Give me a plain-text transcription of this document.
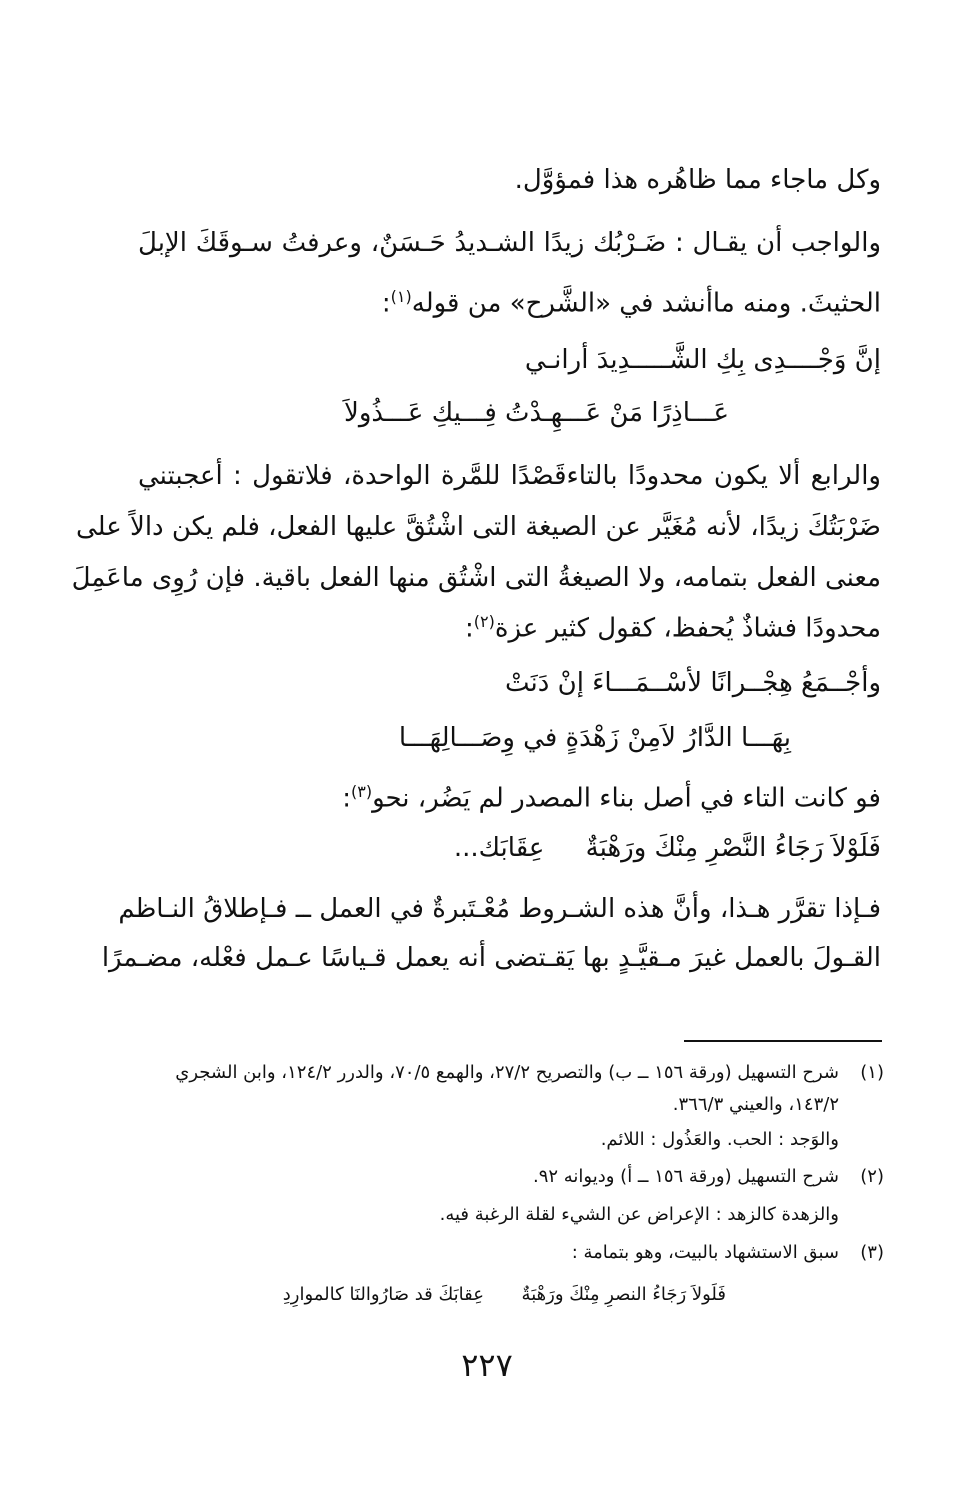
وكل ماجاء مما ظاهُره هذا فمؤوَّل.
والواجب أن يقـال : ضَـرْبُك زيدًا الشـديدُ حَـسَنٌ، وعرفتُ سـوقَكَ الإبلَ
الحثيثَ. ومنه ماأنشد في «الشَّرح» من قوله$^{(١)}$:
إنَّ وَجْــــدِى بِكِ الشَّـــــدِيدَ أرانـي
عَـــاذِرًا مَنْ عَـــهِـدْتُ فِـــيكِ عَـــذُولاَ
والرابع ألا يكون محدودًا بالتاءقَصْدًا للمَّرة الواحدة، فلاتقول : أعجبتني
ضَرْبَتُكَ زيدًا، لأنه مُغَيَّر عن الصيغة التى اشْتُقَّ عليها الفعل، فلم يكن دالاً على
معنى الفعل بتمامه، ولا الصيغةُ التى اشْتُق منها الفعل باقية. فإن رُوِى ماعَمِلَ
محدودًا فشاذٌ يُحفظ، كقول كثير عزة$^{(٢)}$:
وأجْــمَعُ هِجْــرانًا لأسْــمَـــاءَ إنْ دَنَتْ
بِهَـــا الدَّارُ لاَمِنْ زَهْدَةٍ في وِصَـــالِهَـــا
فو كانت التاء في أصل بناء المصدر لم يَضُر، نحو$^{(٣)}$:
فَلَوْلاَ رَجَاءُ النَّصْرِ مِنْكَ ورَهْبَةٌ     عِقَابَك...
فـإذا تقرَّر هـذا، وأنَّ هذه الشـروط مُعْـتَبرةٌ في العمل ــ فـإطلاقُ النـاظم
القـولَ بالعمل غيرَ مـقيَّـدٍ بها يَقـتضى أنه يعمل قـياسًا عـمل فعْله، مضـمرًا
(١)
شرح التسهيل (ورقة ١٥٦ ــ ب) والتصريح ٢٧/٢، والهمع ٧٠/٥، والدرر ١٢٤/٢، وابن الشجري
١٤٣/٢، والعيني ٣٦٦/٣.
والوَجد : الحب. والعَذُول : اللائم.
(٢)
شرح التسهيل (ورقة ١٥٦ ــ أ) وديوانه ٩٢.
والزهدة كالزهد : الإعراض عن الشيء لقلة الرغبة فيه.
(٣)
سبق الاستشهاد بالبيت، وهو بتمامة :
فَلَولاَ رَجَاءُ النصرِ مِنْكَ ورَهْبَةٌ
عِقابَكَ قد صَارُوالنَا كالموارِدِ
٢٢٧
